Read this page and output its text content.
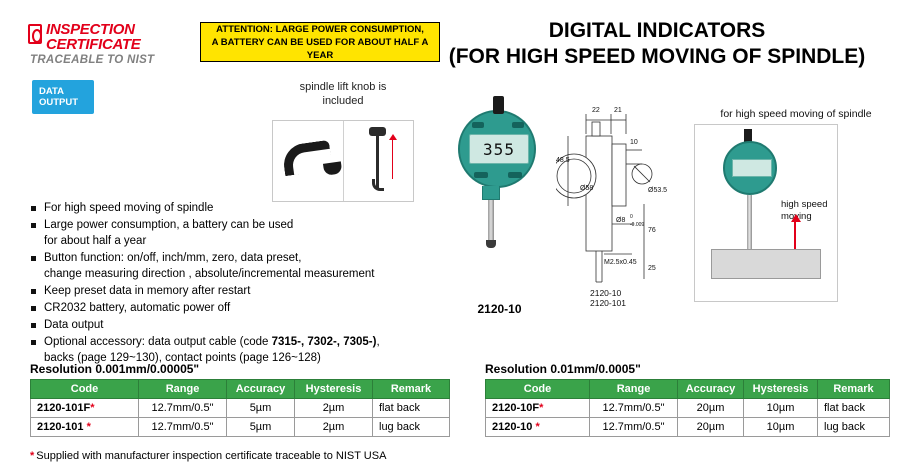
INSPECTION
CERTIFICATE
TRACEABLE TO NIST
DATA
OUTPUT
ATTENTION: LARGE POWER CONSUMPTION,
A BATTERY CAN BE USED FOR ABOUT HALF A YEAR
DIGITAL INDICATORS
(FOR HIGH SPEED MOVING OF SPINDLE)
spindle lift knob is
included
For high speed moving of spindle
Large power consumption, a battery can be used
for about half a year
Button function: on/off, inch/mm, zero, data preset,
change measuring direction , absolute/incremental measurement
Keep preset data in memory after restart
CR2032 battery, automatic power off
Data output
Optional accessory: data output cable (code 7315-, 7302-, 7305-),
backs (page 129~130), contact points (page 126~128)
355
2120-10
22 21
48.5
10
Ø58	Ø53.5
76
25
Ø8 0
-0.009
M2.5x0.45
2120-10
2120-101
for high speed moving of spindle
high speed
moving
Resolution 0.001mm/0.00005"
Code	Range	Accuracy	Hysteresis	Remark
2120-101F*	12.7mm/0.5"	5µm	2µm	flat back
2120-101 *	12.7mm/0.5"	5µm	2µm	lug back
Resolution 0.01mm/0.0005"
Code	Range	Accuracy	Hysteresis	Remark
2120-10F*	12.7mm/0.5"	20µm	10µm	flat back
2120-10 *	12.7mm/0.5"	20µm	10µm	lug back
* Supplied with manufacturer inspection certificate traceable to NIST USA
